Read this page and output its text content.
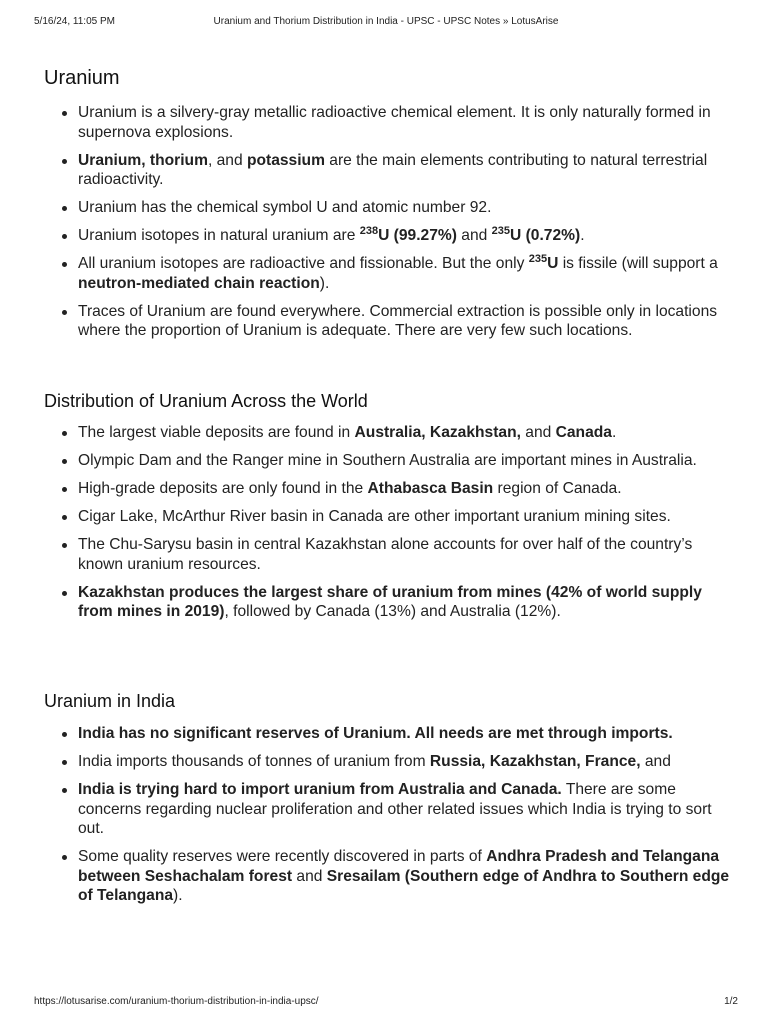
5/16/24, 11:05 PM	Uranium and Thorium Distribution in India - UPSC - UPSC Notes » LotusArise
Uranium
Uranium is a silvery-gray metallic radioactive chemical element. It is only naturally formed in supernova explosions.
Uranium, thorium, and potassium are the main elements contributing to natural terrestrial radioactivity.
Uranium has the chemical symbol U and atomic number 92.
Uranium isotopes in natural uranium are $^{238}$U (99.27%) and $^{235}$U (0.72%).
All uranium isotopes are radioactive and fissionable. But the only $^{235}$U is fissile (will support a neutron-mediated chain reaction).
Traces of Uranium are found everywhere. Commercial extraction is possible only in locations where the proportion of Uranium is adequate. There are very few such locations.
Distribution of Uranium Across the World
The largest viable deposits are found in Australia, Kazakhstan, and Canada.
Olympic Dam and the Ranger mine in Southern Australia are important mines in Australia.
High-grade deposits are only found in the Athabasca Basin region of Canada.
Cigar Lake, McArthur River basin in Canada are other important uranium mining sites.
The Chu-Sarysu basin in central Kazakhstan alone accounts for over half of the country’s known uranium resources.
Kazakhstan produces the largest share of uranium from mines (42% of world supply from mines in 2019), followed by Canada (13%) and Australia (12%).
Uranium in India
India has no significant reserves of Uranium. All needs are met through imports.
India imports thousands of tonnes of uranium from Russia, Kazakhstan, France, and
India is trying hard to import uranium from Australia and Canada. There are some concerns regarding nuclear proliferation and other related issues which India is trying to sort out.
Some quality reserves were recently discovered in parts of Andhra Pradesh and Telangana between Seshachalam forest and Sresailam (Southern edge of Andhra to Southern edge of Telangana).
https://lotusarise.com/uranium-thorium-distribution-in-india-upsc/	1/2
